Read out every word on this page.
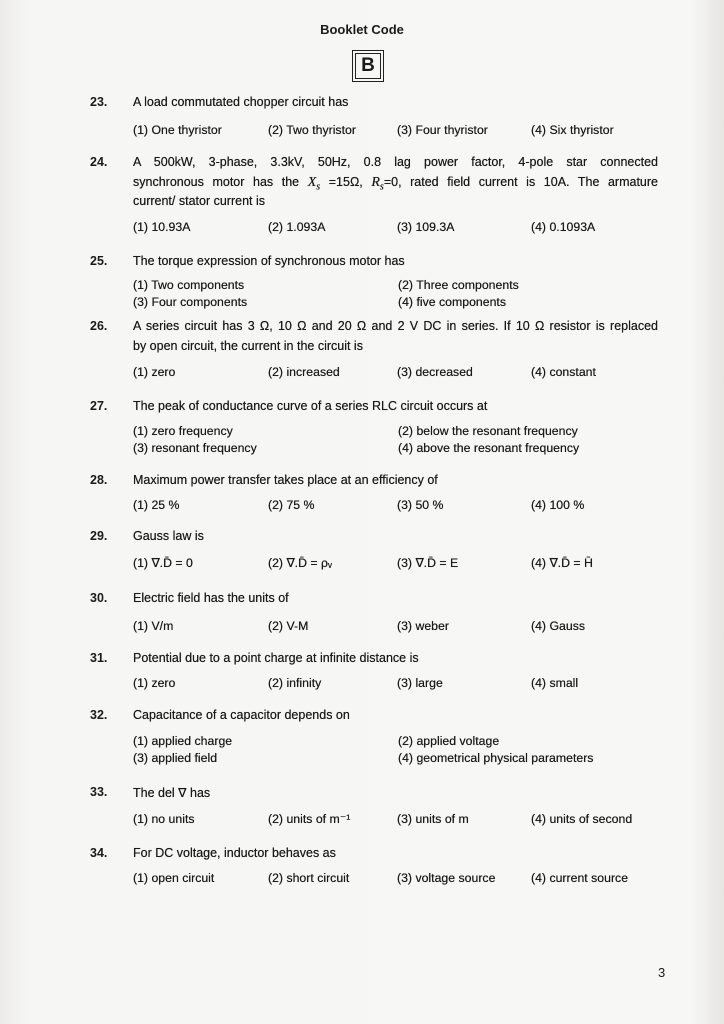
Booklet Code
B
23. A load commutated chopper circuit has
(1) One thyristor	(2) Two thyristor	(3) Four thyristor	(4) Six thyristor
24. A 500kW, 3-phase, 3.3kV, 50Hz, 0.8 lag power factor, 4-pole star connected
synchronous motor has the $X_s =15\Omega$, $R_s=0$, rated field current is 10A. The armature
current/ stator current is
(1) 10.93A	(2) 1.093A	(3) 109.3A	(4) 0.1093A
25. The torque expression of synchronous motor has
(1) Two components	(2) Three components
(3) Four components	(4) five components
26. A series circuit has 3 Ω, 10 Ω and 20 Ω and 2 V DC in series. If 10 Ω resistor is replaced
by open circuit, the current in the circuit is
(1) zero	(2) increased	(3) decreased	(4) constant
27. The peak of conductance curve of a series RLC circuit occurs at
(1) zero frequency	(2) below the resonant frequency
(3) resonant frequency	(4) above the resonant frequency
28. Maximum power transfer takes place at an efficiency of
(1) 25 %	(2) 75 %	(3) 50 %	(4) 100 %
29. Gauss law is
(1) ∇.D̄ = 0	(2) ∇.D̄ = ρᵥ	(3) ∇.D̄ = E	(4) ∇.D̄ = H̄
30. Electric field has the units of
(1) V/m	(2) V-M	(3) weber	(4) Gauss
31. Potential due to a point charge at infinite distance is
(1) zero	(2) infinity	(3) large	(4) small
32. Capacitance of a capacitor depends on
(1) applied charge	(2) applied voltage
(3) applied field	(4) geometrical physical parameters
33. The del ∇ has
(1) no units	(2) units of m⁻¹	(3) units of m	(4) units of second
34. For DC voltage, inductor behaves as
(1) open circuit	(2) short circuit	(3) voltage source	(4) current source
3
